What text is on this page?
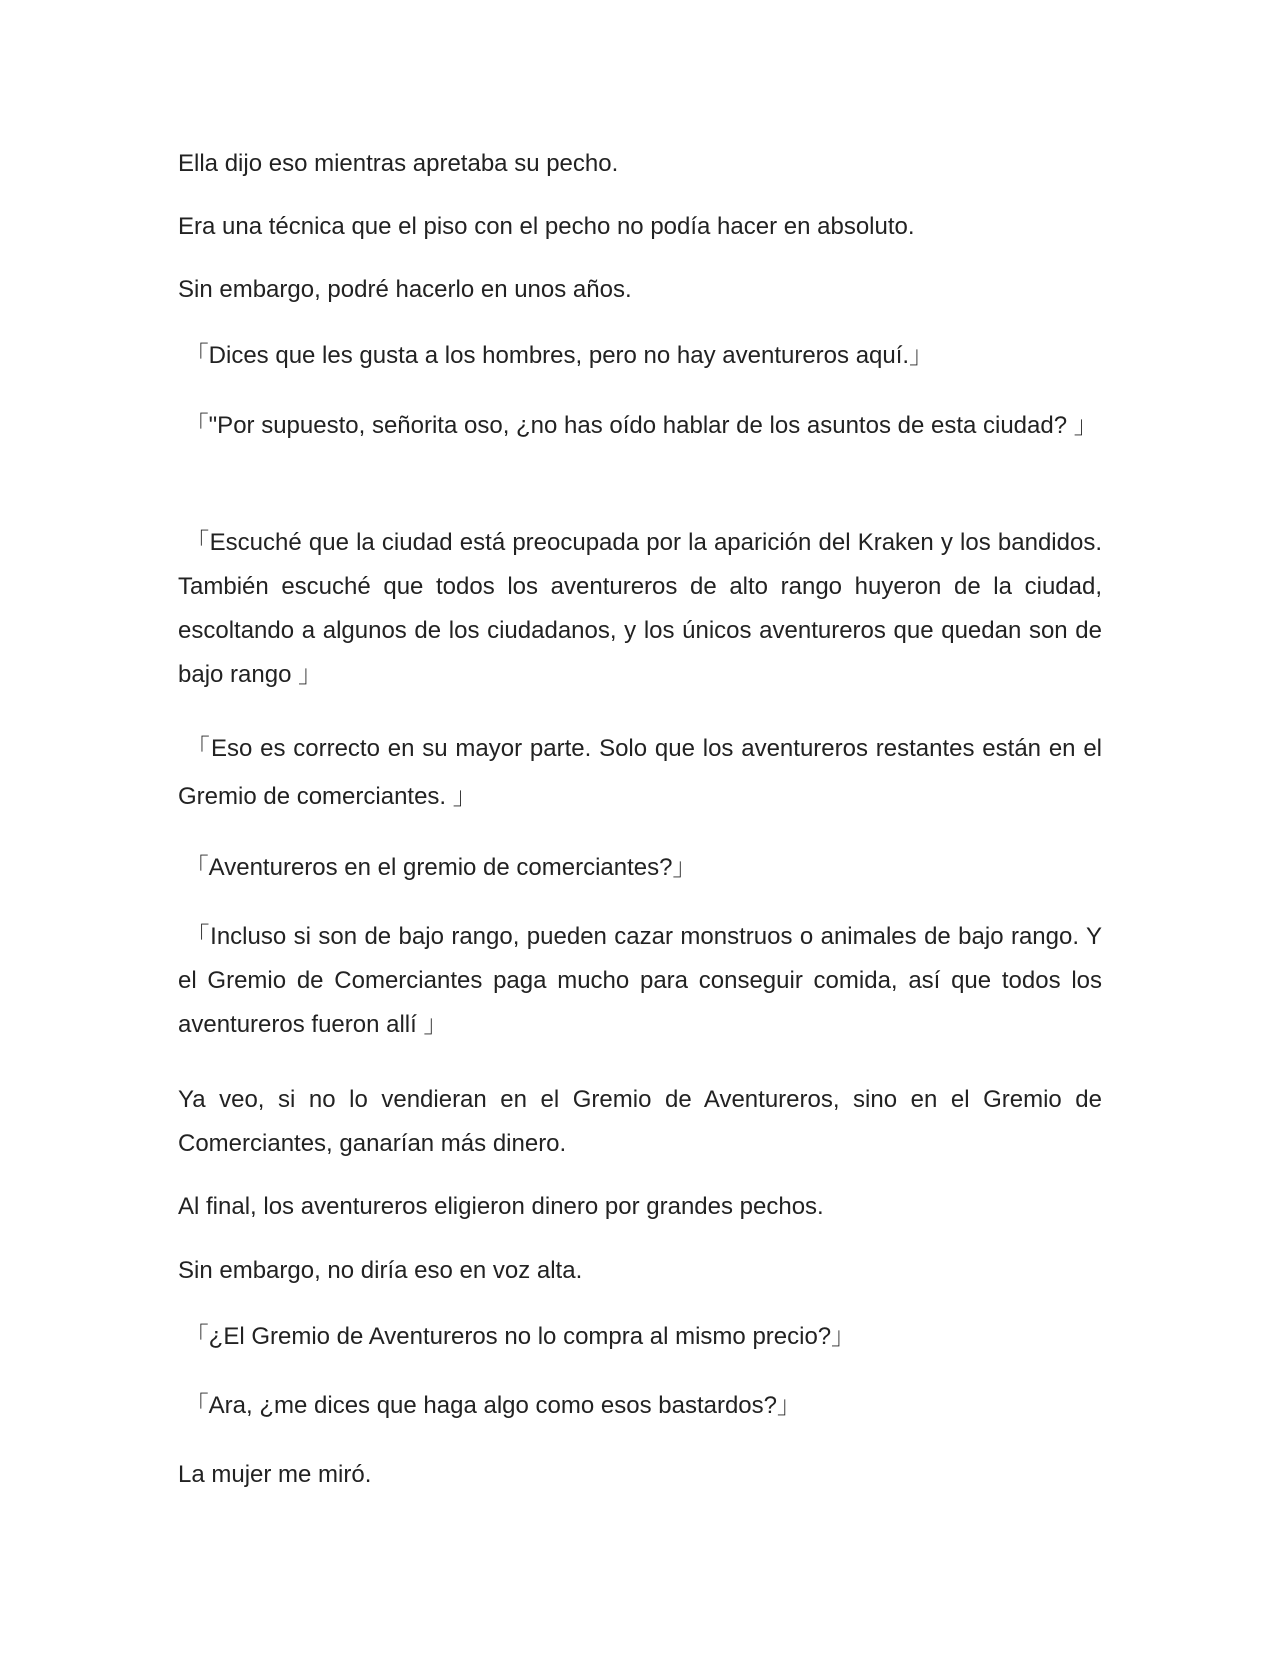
Ella dijo eso mientras apretaba su pecho.

Era una técnica que el piso con el pecho no podía hacer en absoluto.

Sin embargo, podré hacerlo en unos años.

「Dices que les gusta a los hombres, pero no hay aventureros aquí.」

「"Por supuesto, señorita oso, ¿no has oído hablar de los asuntos de esta ciudad? 」

「Escuché que la ciudad está preocupada por la aparición del Kraken y los bandidos. También escuché que todos los aventureros de alto rango huyeron de la ciudad, escoltando a algunos de los ciudadanos, y los únicos aventureros que quedan son de bajo rango 」

「Eso es correcto en su mayor parte. Solo que los aventureros restantes están en el Gremio de comerciantes. 」

「Aventureros en el gremio de comerciantes?」

「Incluso si son de bajo rango, pueden cazar monstruos o animales de bajo rango. Y el Gremio de Comerciantes paga mucho para conseguir comida, así que todos los aventureros fueron allí 」

Ya veo, si no lo vendieran en el Gremio de Aventureros, sino en el Gremio de Comerciantes, ganarían más dinero.

Al final, los aventureros eligieron dinero por grandes pechos.

Sin embargo, no diría eso en voz alta.

「¿El Gremio de Aventureros no lo compra al mismo precio?」

「Ara, ¿me dices que haga algo como esos bastardos?」

La mujer me miró.
